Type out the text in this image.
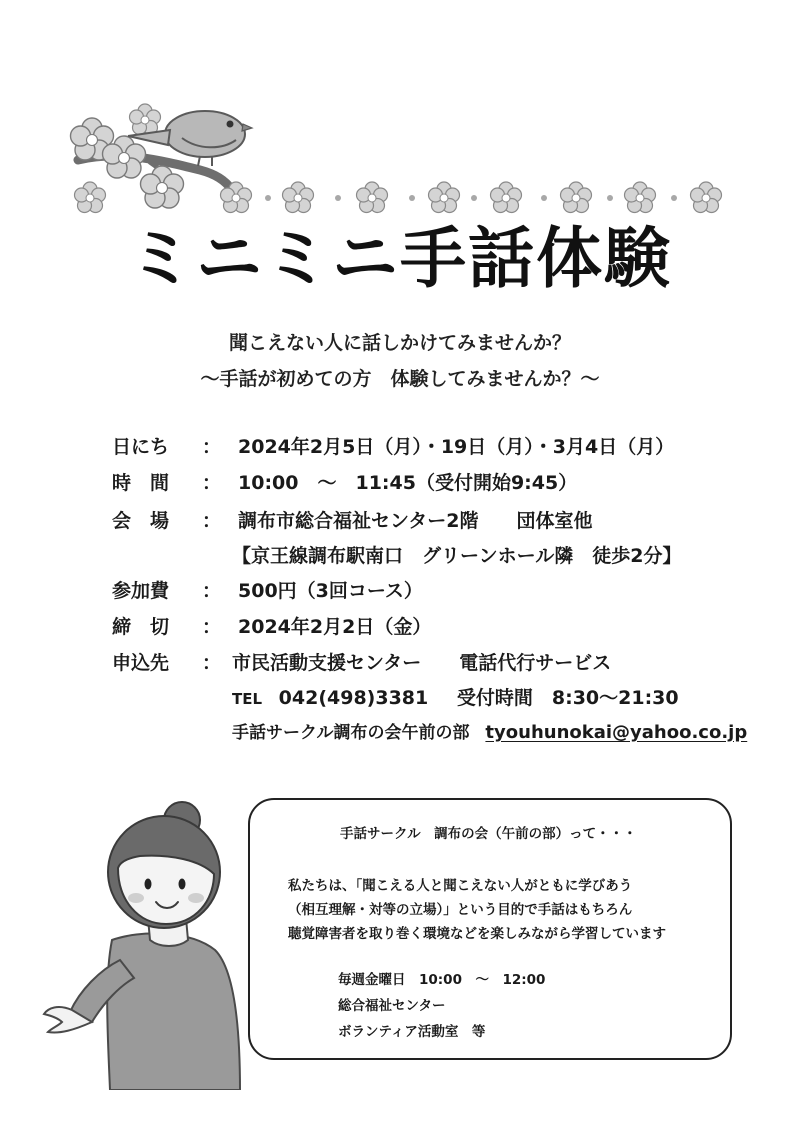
ミニミニ手話体験
聞こえない人に話しかけてみませんか？
～手話が初めての方　体験してみませんか？～
日にち	： 2024年2月5日（月）・19日（月）・3月4日（月）
時　間	： 10:00　～　11:45（受付開始9:45）
会　場	： 調布市総合福祉センター2階　　団体室他
【京王線調布駅南口　グリーンホール隣　徒歩2分】
参加費	： 500円（3回コース）
締　切	： 2024年2月2日（金）
申込先	： 市民活動支援センター　　電話代行サービス
TEL 042(498)3381 受付時間　8:30～21:30
手話サークル調布の会午前の部 tyouhunokai@yahoo.co.jp
手話サークル　調布の会（午前の部）って・・・
私たちは、「聞こえる人と聞こえない人がともに学びあう
（相互理解・対等の立場）」という目的で手話はもちろん
聴覚障害者を取り巻く環境などを楽しみながら学習しています
毎週金曜日　10:00　～　12:00
総合福祉センター
ボランティア活動室　等
